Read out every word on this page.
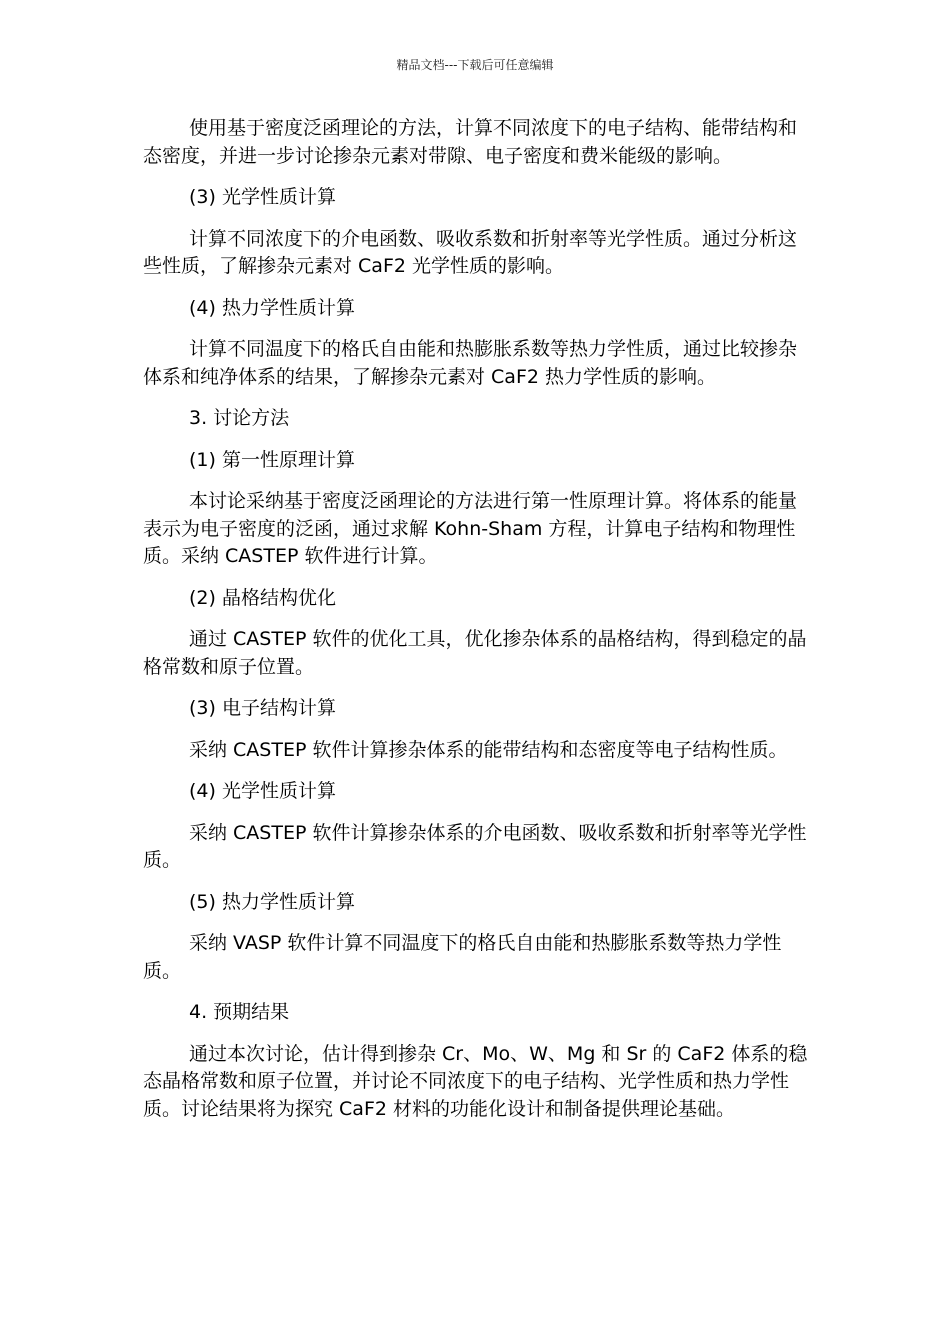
精品文档---下载后可任意编辑

使用基于密度泛函理论的方法，计算不同浓度下的电子结构、能带结构和态密度，并进一步讨论掺杂元素对带隙、电子密度和费米能级的影响。

(3) 光学性质计算

计算不同浓度下的介电函数、吸收系数和折射率等光学性质。通过分析这些性质，了解掺杂元素对 CaF2 光学性质的影响。

(4) 热力学性质计算

计算不同温度下的格氏自由能和热膨胀系数等热力学性质，通过比较掺杂体系和纯净体系的结果，了解掺杂元素对 CaF2 热力学性质的影响。

3. 讨论方法

(1) 第一性原理计算

本讨论采纳基于密度泛函理论的方法进行第一性原理计算。将体系的能量表示为电子密度的泛函，通过求解 Kohn-Sham 方程，计算电子结构和物理性质。采纳 CASTEP 软件进行计算。

(2) 晶格结构优化

通过 CASTEP 软件的优化工具，优化掺杂体系的晶格结构，得到稳定的晶格常数和原子位置。

(3) 电子结构计算

采纳 CASTEP 软件计算掺杂体系的能带结构和态密度等电子结构性质。

(4) 光学性质计算

采纳 CASTEP 软件计算掺杂体系的介电函数、吸收系数和折射率等光学性质。

(5) 热力学性质计算

采纳 VASP 软件计算不同温度下的格氏自由能和热膨胀系数等热力学性质。

4. 预期结果

通过本次讨论，估计得到掺杂 Cr、Mo、W、Mg 和 Sr 的 CaF2 体系的稳态晶格常数和原子位置，并讨论不同浓度下的电子结构、光学性质和热力学性质。讨论结果将为探究 CaF2 材料的功能化设计和制备提供理论基础。
